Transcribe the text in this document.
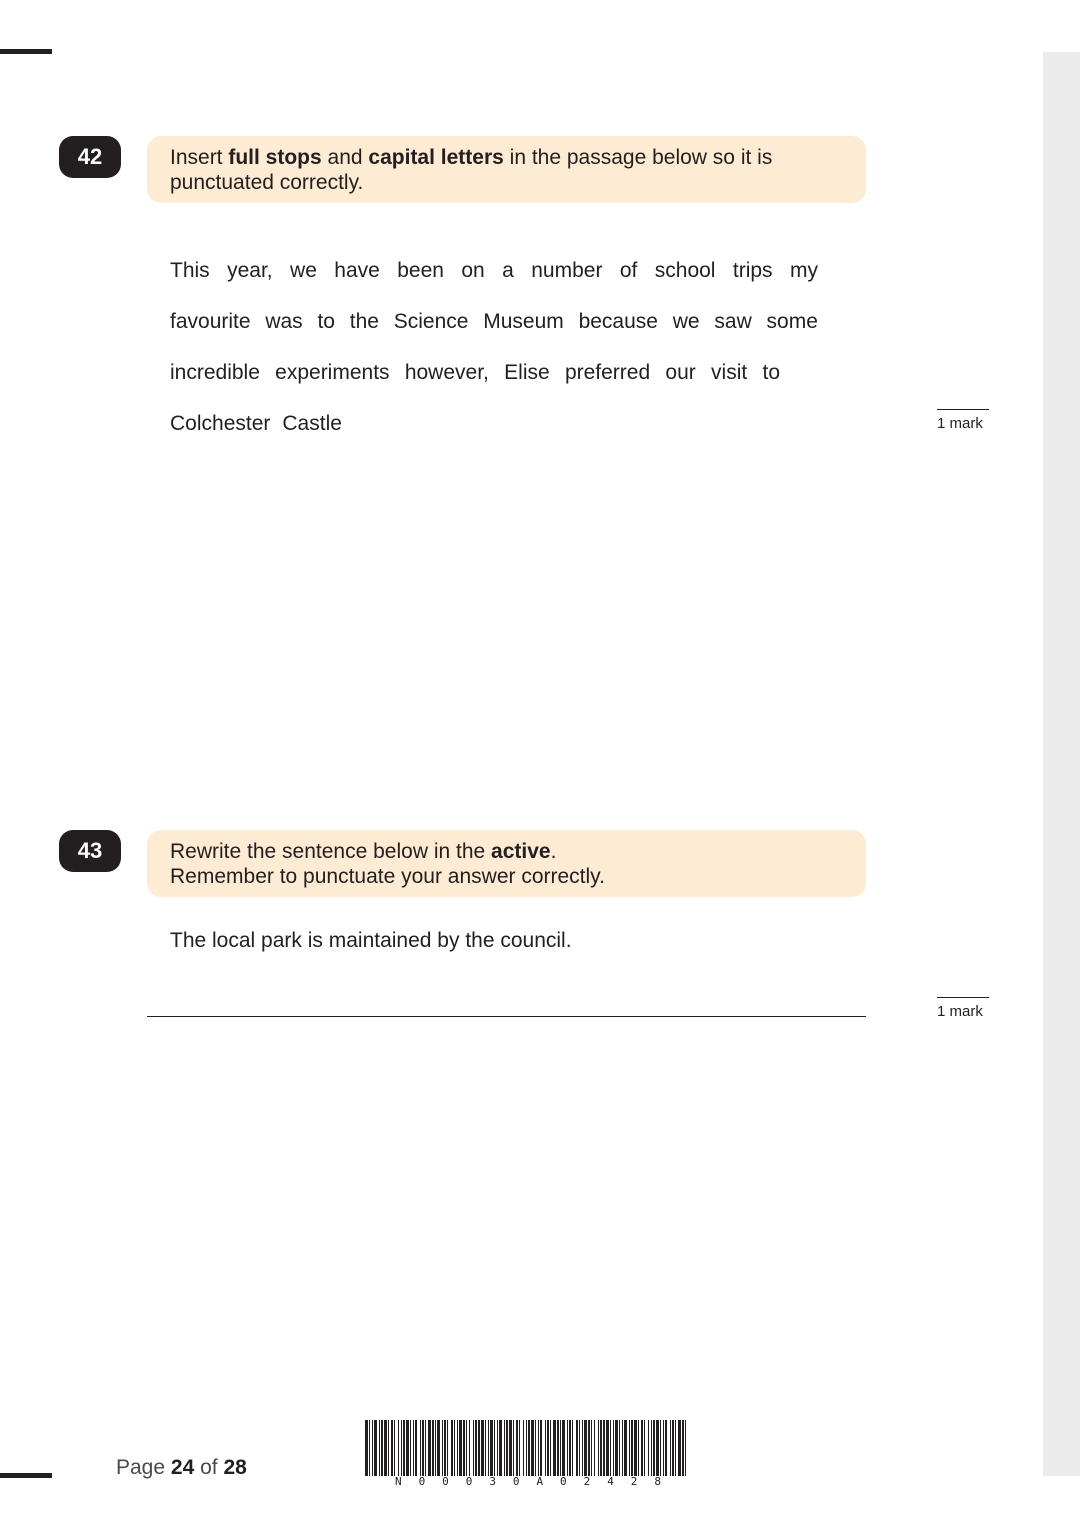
42	Insert full stops and capital letters in the passage below so it is
punctuated correctly.
This year, we have been on a number of school trips my
favourite was to the Science Museum because we saw some
incredible experiments however, Elise preferred our visit to
Colchester Castle	1 mark
43	Rewrite the sentence below in the active.
Remember to punctuate your answer correctly.
The local park is maintained by the council.
1 mark
Page 24 of 28
N 0 0 0 3 0 A 0 2 4 2 8
